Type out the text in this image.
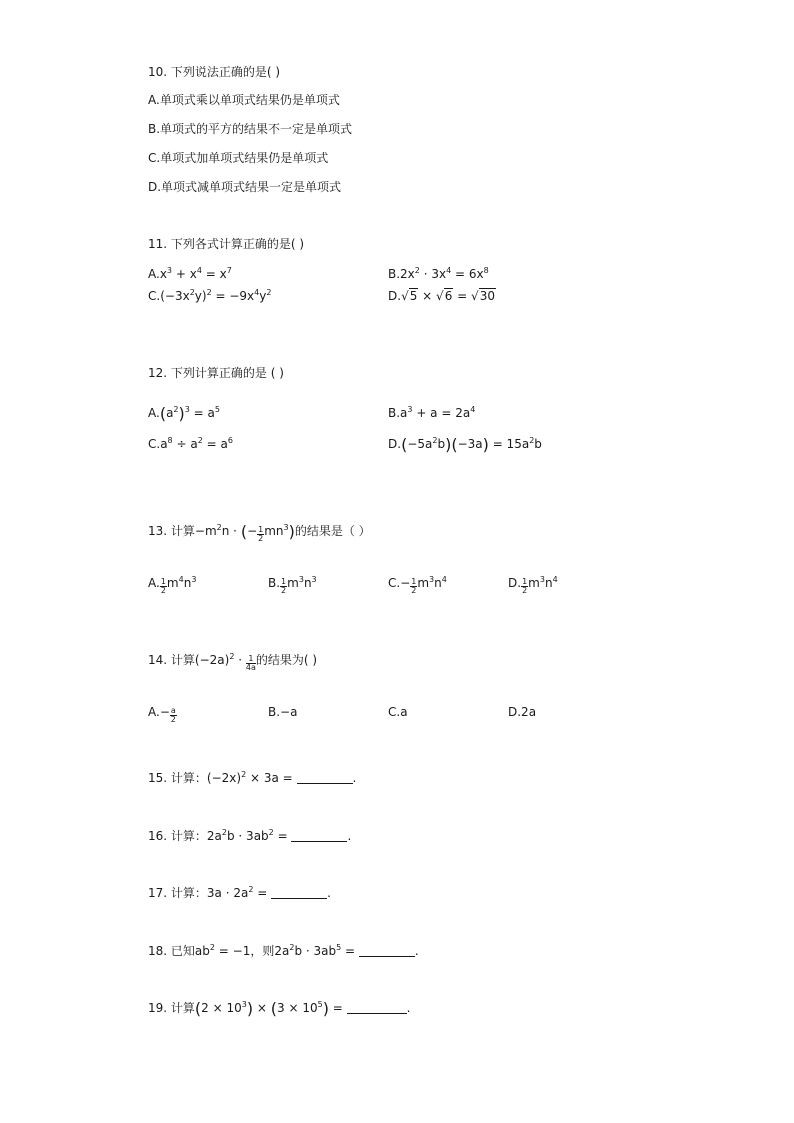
10. 下列说法正确的是( )
A.单项式乘以单项式结果仍是单项式
B.单项式的平方的结果不一定是单项式
C.单项式加单项式结果仍是单项式
D.单项式减单项式结果一定是单项式
11. 下列各式计算正确的是( )
$A.x^3 + x^4 = x^7$	$B.2x^2 \cdot 3x^4 = 6x^8$
$C.(-3x^2y)^2 = -9x^4y^2$	D.√5 × √6 = √30
12. 下列计算正确的是 ( )
$A.(a^2)^3 = a^5$	$B.a^3 + a = 2a^4$
$C.a^8 \div a^2 = a^6$	$D.(-5a^2b)(-3a) = 15a^2b$
13. 计算$-m^2n$ · (− $\frac{1}{2} mn^3$)的结果是（ ）
A. $\frac{1}{2} m^4n^3$	B. $\frac{1}{2} m^3n^3$	$C.- \frac{1}{2} m^3n^4$	D. $\frac{1}{2} m^3n^4$
14. 计算$(-2a)^2 \cdot \frac{1}{4a}$ 的结果为( )
$A.- \frac{a}{2}$	B.−a	C.a	D.2a
15. 计算：$(-2x)^2 \times 3a$ =	.
16. 计算：$2a^2b \cdot 3ab^2$ =	.
17. 计算：$3a \cdot 2a^2$ =	.
18. 已知$ab^2 = -1$，则$2a^2b \cdot 3ab^5$ =	.
19. 计算$(2 \times 10^3) \times (3 \times 10^5)$ =	.
